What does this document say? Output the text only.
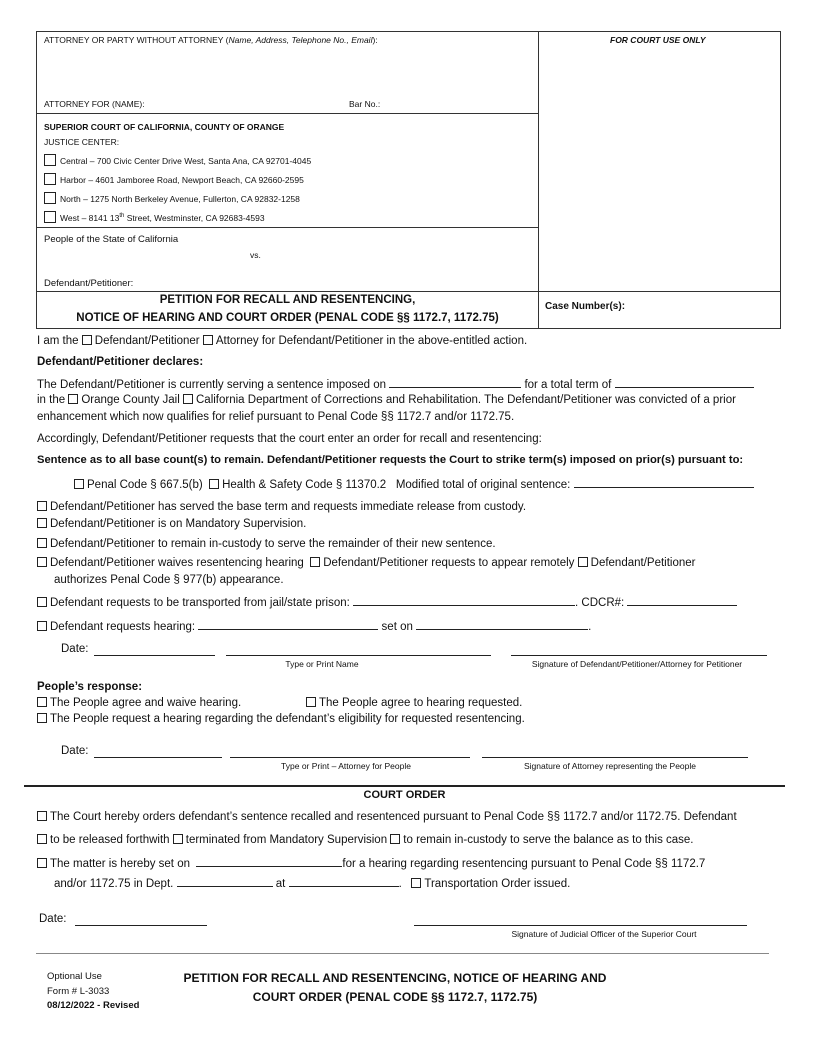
ATTORNEY OR PARTY WITHOUT ATTORNEY (Name, Address, Telephone No., Email):	FOR COURT USE ONLY
ATTORNEY FOR (NAME):	Bar No.:
SUPERIOR COURT OF CALIFORNIA, COUNTY OF ORANGE
JUSTICE CENTER:
Central – 700 Civic Center Drive West, Santa Ana, CA 92701-4045
Harbor – 4601 Jamboree Road, Newport Beach, CA 92660-2595
North – 1275 North Berkeley Avenue, Fullerton, CA 92832-1258
West – 8141 13th Street, Westminster, CA 92683-4593
People of the State of California
vs.
Defendant/Petitioner:
PETITION FOR RECALL AND RESENTENCING,
NOTICE OF HEARING AND COURT ORDER (PENAL CODE §§ 1172.7, 1172.75)
Case Number(s):
I am the Defendant/Petitioner Attorney for Defendant/Petitioner in the above-entitled action.
Defendant/Petitioner declares:
The Defendant/Petitioner is currently serving a sentence imposed on	for a total term of
in the Orange County Jail California Department of Corrections and Rehabilitation. The Defendant/Petitioner was convicted of a prior
enhancement which now qualifies for relief pursuant to Penal Code §§ 1172.7 and/or 1172.75.
Accordingly, Defendant/Petitioner requests that the court enter an order for recall and resentencing:
Sentence as to all base count(s) to remain. Defendant/Petitioner requests the Court to strike term(s) imposed on prior(s) pursuant to:
Penal Code § 667.5(b) Health & Safety Code § 11370.2 Modified total of original sentence:
Defendant/Petitioner has served the base term and requests immediate release from custody.
Defendant/Petitioner is on Mandatory Supervision.
Defendant/Petitioner to remain in-custody to serve the remainder of their new sentence.
Defendant/Petitioner waives resentencing hearing Defendant/Petitioner requests to appear remotely Defendant/Petitioner
authorizes Penal Code § 977(b) appearance.
Defendant requests to be transported from jail/state prison:	. CDCR#:
Defendant requests hearing:	set on	.
Date:
Type or Print Name	Signature of Defendant/Petitioner/Attorney for Petitioner
People’s response:
The People agree and waive hearing.	The People agree to hearing requested.
The People request a hearing regarding the defendant’s eligibility for requested resentencing.
Date:
Type or Print – Attorney for People	Signature of Attorney representing the People
COURT ORDER
The Court hereby orders defendant’s sentence recalled and resentenced pursuant to Penal Code §§ 1172.7 and/or 1172.75. Defendant
to be released forthwith terminated from Mandatory Supervision to remain in-custody to serve the balance as to this case.
The matter is hereby set on	for a hearing regarding resentencing pursuant to Penal Code §§ 1172.7
and/or 1172.75 in Dept.	at	.   Transportation Order issued.
Date:
Signature of Judicial Officer of the Superior Court
Optional Use
Form # L-3033
08/12/2022 - Revised
PETITION FOR RECALL AND RESENTENCING, NOTICE OF HEARING AND
COURT ORDER (PENAL CODE §§ 1172.7, 1172.75)
